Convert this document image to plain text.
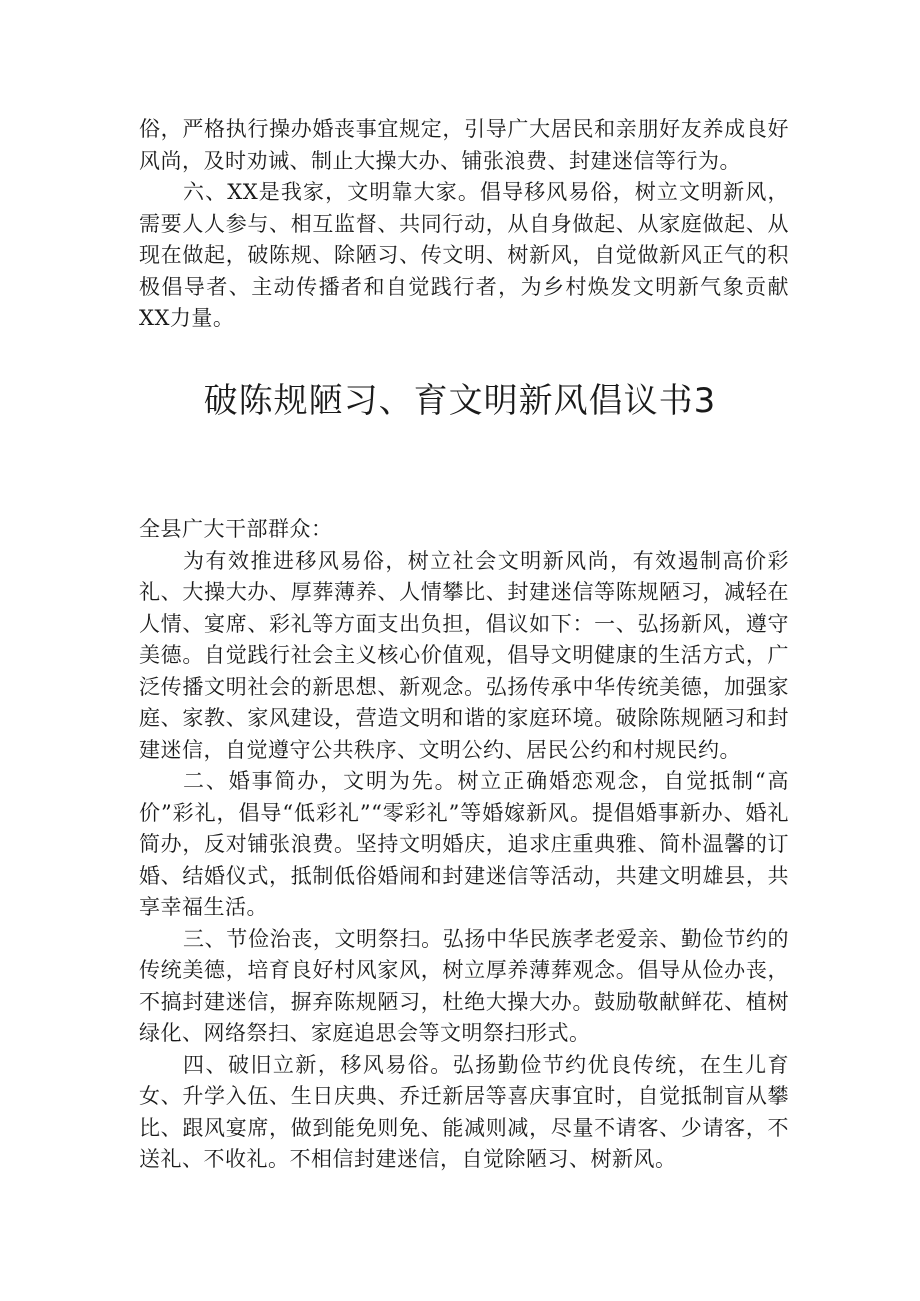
俗，严格执行操办婚丧事宜规定，引导广大居民和亲朋好友养成良好风尚，及时劝诫、制止大操大办、铺张浪费、封建迷信等行为。

六、XX是我家，文明靠大家。倡导移风易俗，树立文明新风，需要人人参与、相互监督、共同行动，从自身做起、从家庭做起、从现在做起，破陈规、除陋习、传文明、树新风，自觉做新风正气的积极倡导者、主动传播者和自觉践行者，为乡村焕发文明新气象贡献XX力量。

破陈规陋习、育文明新风倡议书3

全县广大干部群众：

为有效推进移风易俗，树立社会文明新风尚，有效遏制高价彩礼、大操大办、厚葬薄养、人情攀比、封建迷信等陈规陋习，减轻在人情、宴席、彩礼等方面支出负担，倡议如下：一、弘扬新风，遵守美德。自觉践行社会主义核心价值观，倡导文明健康的生活方式，广泛传播文明社会的新思想、新观念。弘扬传承中华传统美德，加强家庭、家教、家风建设，营造文明和谐的家庭环境。破除陈规陋习和封建迷信，自觉遵守公共秩序、文明公约、居民公约和村规民约。

二、婚事简办，文明为先。树立正确婚恋观念，自觉抵制“高价”彩礼，倡导“低彩礼”“零彩礼”等婚嫁新风。提倡婚事新办、婚礼简办，反对铺张浪费。坚持文明婚庆，追求庄重典雅、简朴温馨的订婚、结婚仪式，抵制低俗婚闹和封建迷信等活动，共建文明雄县，共享幸福生活。

三、节俭治丧，文明祭扫。弘扬中华民族孝老爱亲、勤俭节约的传统美德，培育良好村风家风，树立厚养薄葬观念。倡导从俭办丧，不搞封建迷信，摒弃陈规陋习，杜绝大操大办。鼓励敬献鲜花、植树绿化、网络祭扫、家庭追思会等文明祭扫形式。

四、破旧立新，移风易俗。弘扬勤俭节约优良传统，在生儿育女、升学入伍、生日庆典、乔迁新居等喜庆事宜时，自觉抵制盲从攀比、跟风宴席，做到能免则免、能减则减，尽量不请客、少请客，不送礼、不收礼。不相信封建迷信，自觉除陋习、树新风。
